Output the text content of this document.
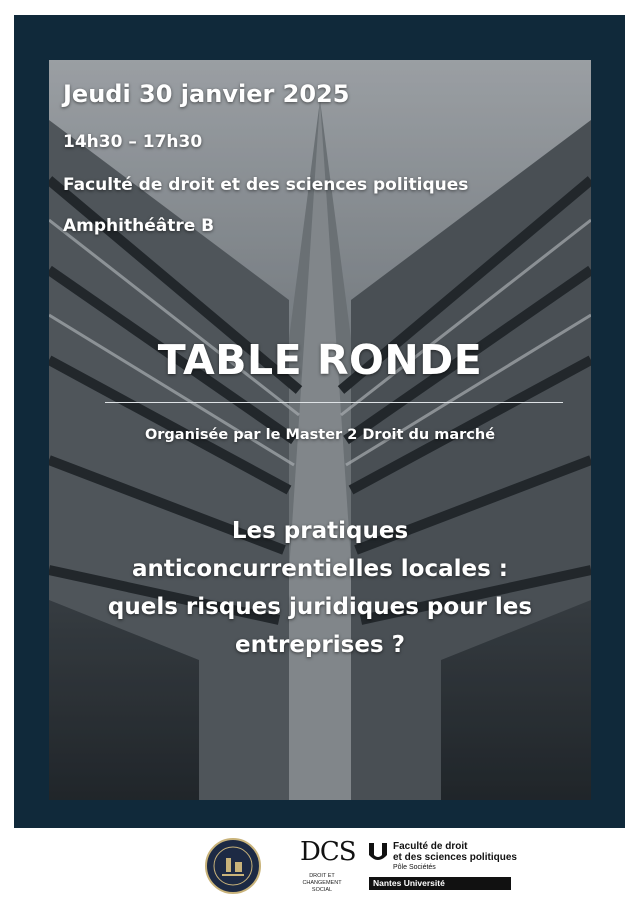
Jeudi 30 janvier 2025
14h30 – 17h30
Faculté de droit et des sciences politiques
Amphithéâtre B
TABLE RONDE
Organisée par le Master 2 Droit du marché
Les pratiques
anticoncurrentielles locales :
quels risques juridiques pour les
entreprises ?
DCS
DROIT ET
CHANGEMENT SOCIAL
Faculté de droit
et des sciences politiques
Pôle Sociétés
Nantes Université
